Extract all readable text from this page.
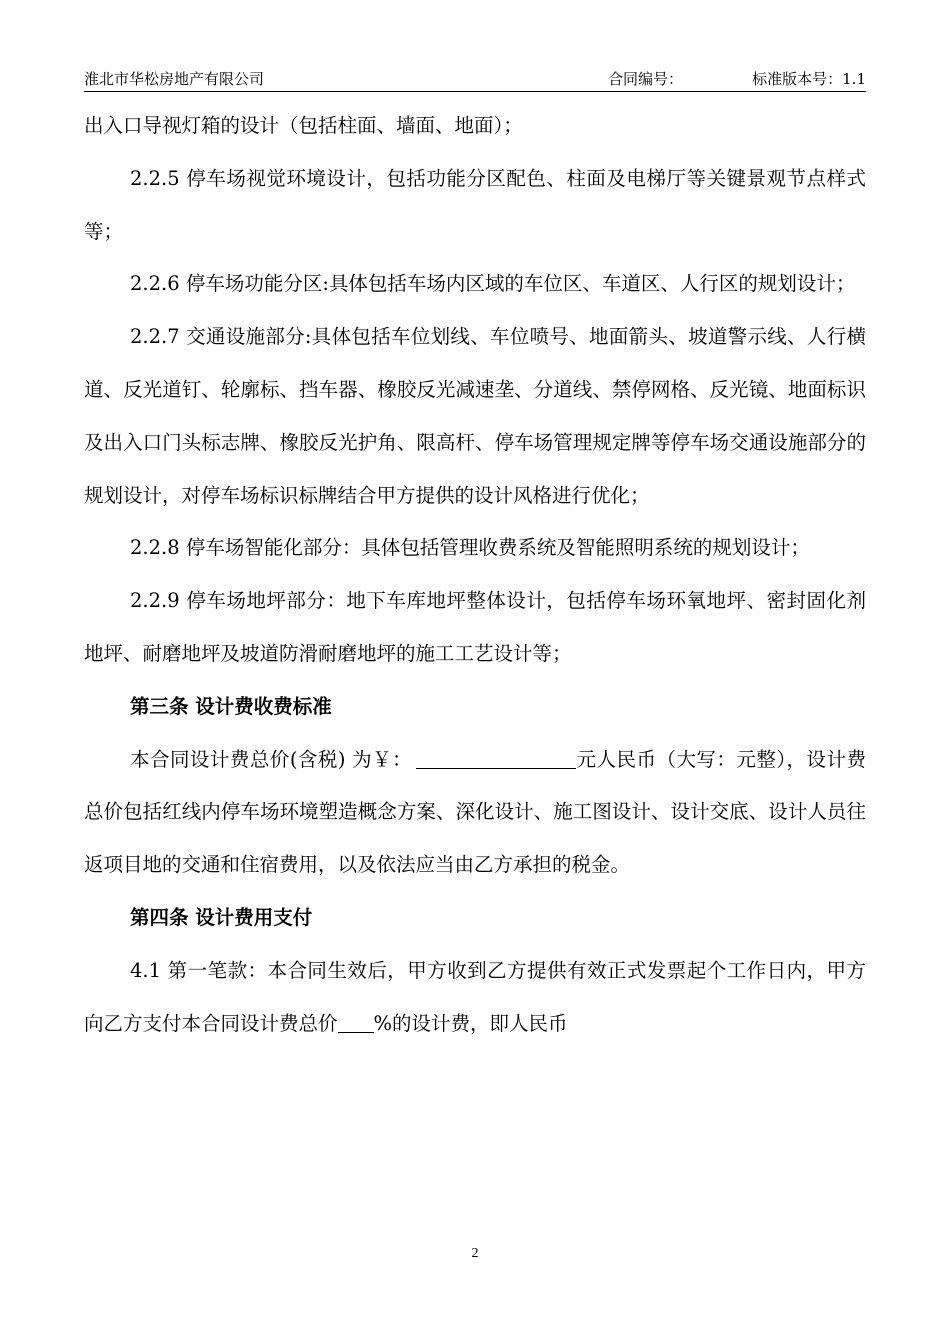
淮北市华松房地产有限公司	合同编号：	标准版本号：1.1

出入口导视灯箱的设计（包括柱面、墙面、地面）；

2.2.5 停车场视觉环境设计，包括功能分区配色、柱面及电梯厅等关键景观节点样式等；

2.2.6 停车场功能分区:具体包括车场内区域的车位区、车道区、人行区的规划设计；

2.2.7 交通设施部分:具体包括车位划线、车位喷号、地面箭头、坡道警示线、人行横道、反光道钉、轮廓标、挡车器、橡胶反光减速垄、分道线、禁停网格、反光镜、地面标识及出入口门头标志牌、橡胶反光护角、限高杆、停车场管理规定牌等停车场交通设施部分的规划设计，对停车场标识标牌结合甲方提供的设计风格进行优化；

2.2.8 停车场智能化部分：具体包括管理收费系统及智能照明系统的规划设计；

2.2.9 停车场地坪部分：地下车库地坪整体设计，包括停车场环氧地坪、密封固化剂地坪、耐磨地坪及坡道防滑耐磨地坪的施工工艺设计等；

第三条 设计费收费标准

本合同设计费总价(含税) 为￥：	元人民币（大写：元整），设计费总价包括红线内停车场环境塑造概念方案、深化设计、施工图设计、设计交底、设计人员往返项目地的交通和住宿费用，以及依法应当由乙方承担的税金。

第四条 设计费用支付

4.1 第一笔款：本合同生效后，甲方收到乙方提供有效正式发票起个工作日内，甲方向乙方支付本合同设计费总价 %的设计费，即人民币

2
